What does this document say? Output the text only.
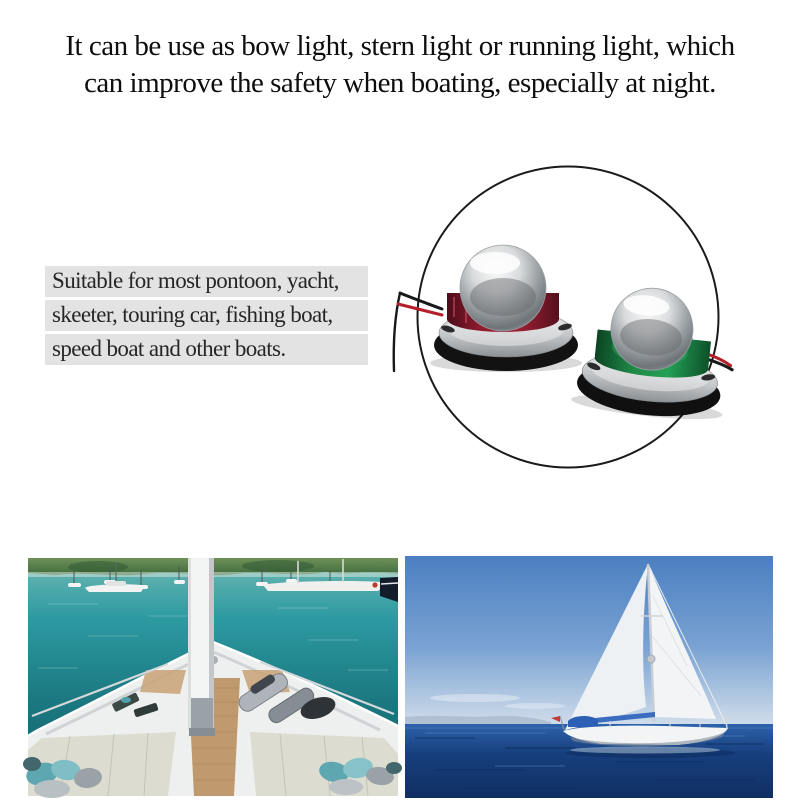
It can be use as bow light, stern light or running light, which
can improve the safety when boating, especially at night.
Suitable for most pontoon, yacht,
skeeter, touring car, fishing boat,
speed boat and other boats.
